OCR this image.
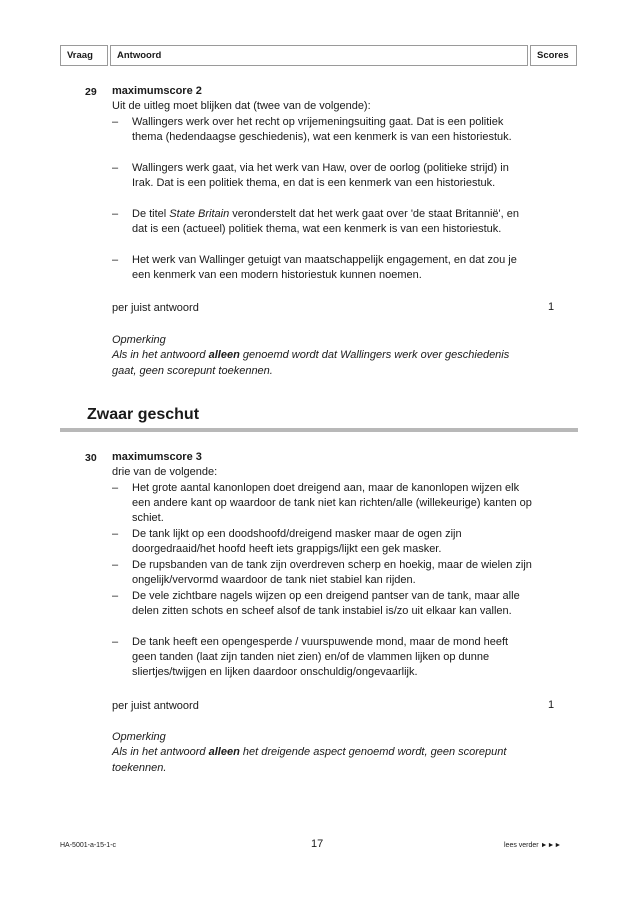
Vraag	Antwoord	Scores
29 maximumscore 2
Uit de uitleg moet blijken dat (twee van de volgende):
– Wallingers werk over het recht op vrijemeningsuiting gaat. Dat is een politiek thema (hedendaagse geschiedenis), wat een kenmerk is van een historiestuk.
– Wallingers werk gaat, via het werk van Haw, over de oorlog (politieke strijd) in Irak. Dat is een politiek thema, en dat is een kenmerk van een historiestuk.
– De titel State Britain veronderstelt dat het werk gaat over 'de staat Britannië', en dat is een (actueel) politiek thema, wat een kenmerk is van een historiestuk.
– Het werk van Wallinger getuigt van maatschappelijk engagement, en dat zou je een kenmerk van een modern historiestuk kunnen noemen.
per juist antwoord	1
Opmerking
Als in het antwoord alleen genoemd wordt dat Wallingers werk over geschiedenis gaat, geen scorepunt toekennen.
Zwaar geschut
30 maximumscore 3
drie van de volgende:
– Het grote aantal kanonlopen doet dreigend aan, maar de kanonlopen wijzen elk een andere kant op waardoor de tank niet kan richten/alle (willekeurige) kanten op schiet.
– De tank lijkt op een doodshoofd/dreigend masker maar de ogen zijn doorgedraaid/het hoofd heeft iets grappigs/lijkt een gek masker.
– De rupsbanden van de tank zijn overdreven scherp en hoekig, maar de wielen zijn ongelijk/vervormd waardoor de tank niet stabiel kan rijden.
– De vele zichtbare nagels wijzen op een dreigend pantser van de tank, maar alle delen zitten schots en scheef alsof de tank instabiel is/zo uit elkaar kan vallen.
– De tank heeft een opengesperde / vuurspuwende mond, maar de mond heeft geen tanden (laat zijn tanden niet zien) en/of de vlammen lijken op dunne sliertjes/twijgen en lijken daardoor onschuldig/ongevaarlijk.
per juist antwoord	1
Opmerking
Als in het antwoord alleen het dreigende aspect genoemd wordt, geen scorepunt toekennen.
HA-5001-a-15-1-c	17	lees verder ►►►
